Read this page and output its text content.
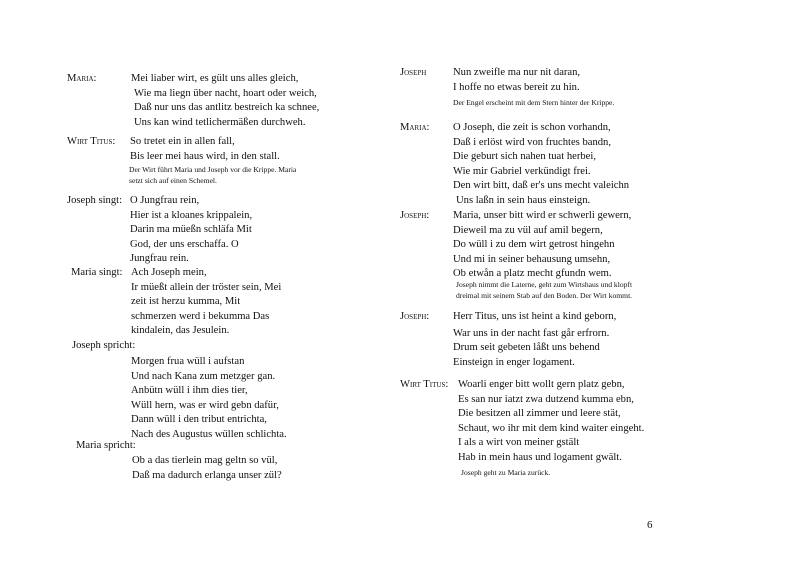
Maria:	Mei liaber wirt, es gült uns alles gleich,
Wie ma liegn über nacht, hoart oder weich,
Daß nur uns das antlitz bestreich ka schnee,
Uns kan wind tetlichermäßen durchweh.
Wirt Titus: So tretet ein in allen fall,
Bis leer mei haus wird, in den stall.
Der Wirt führt Maria und Joseph vor die Krippe. Maria
setzt sich auf einen Schemel.
Joseph singt: O Jungfrau rein,
Hier ist a kloanes krippalein,
Darin ma müeßn schläfa Mit
God, der uns erschaffa. O
Jungfrau rein.
Maria singt: Ach Joseph mein,
Ir müeßt allein der tröster sein, Mei
zeit ist herzu kumma, Mit
schmerzen werd i bekumma Das
kindalein, das Jesulein.
Joseph spricht:
Morgen frua wüll i aufstan
Und nach Kana zum metzger gan.
Anbütn wüll i ihm dies tier,
Wüll hern, was er wird gebn dafür,
Dann wüll i den tribut entrichta,
Nach des Augustus wüllen schlichta.
Maria spricht:
Ob a das tierlein mag geltn so vül,
Daß ma dadurch erlanga unser zül?
Joseph	Nun zweifle ma nur nit daran,
I hoffe no etwas bereit zu hin.
Der Engel erscheint mit dem Stern hinter der Krippe.
Maria: O Joseph, die zeit is schon vorhandn,
Daß i erlöst wird von fruchtes bandn,
Die geburt sich nahen tuat herbei,
Wie mir Gabriel verkündigt frei.
Den wirt bitt, daß er's uns mecht valeichn
Uns laßn in sein haus einsteign.
Joseph: Maria, unser bitt wird er schwerli gewern,
Dieweil ma zu vül auf amil begern,
Do wüll i zu dem wirt getrost hingehn
Und mi in seiner behausung umsehn,
Ob etwån a platz mecht gfundn wem.
Joseph nimmt die Laterne, geht zum Wirtshaus und klopft
dreimal mit seinem Stab auf den Boden. Der Wirt kommt.
Joseph: Herr Titus, uns ist heint a kind geborn,
War uns in der nacht fast går erfrorn.
Drum seit gebeten låßt uns behend
Einsteign in enger logament.
Wirt Titus: Woarli enger bitt wollt gern platz gebn,
Es san nur iatzt zwa dutzend kumma ebn,
Die besitzen all zimmer und leere stät,
Schaut, wo ihr mit dem kind waiter eingeht.
I als a wirt von meiner gstält
Hab in mein haus und logament gwält.
Joseph geht zu Maria zurück.
6
